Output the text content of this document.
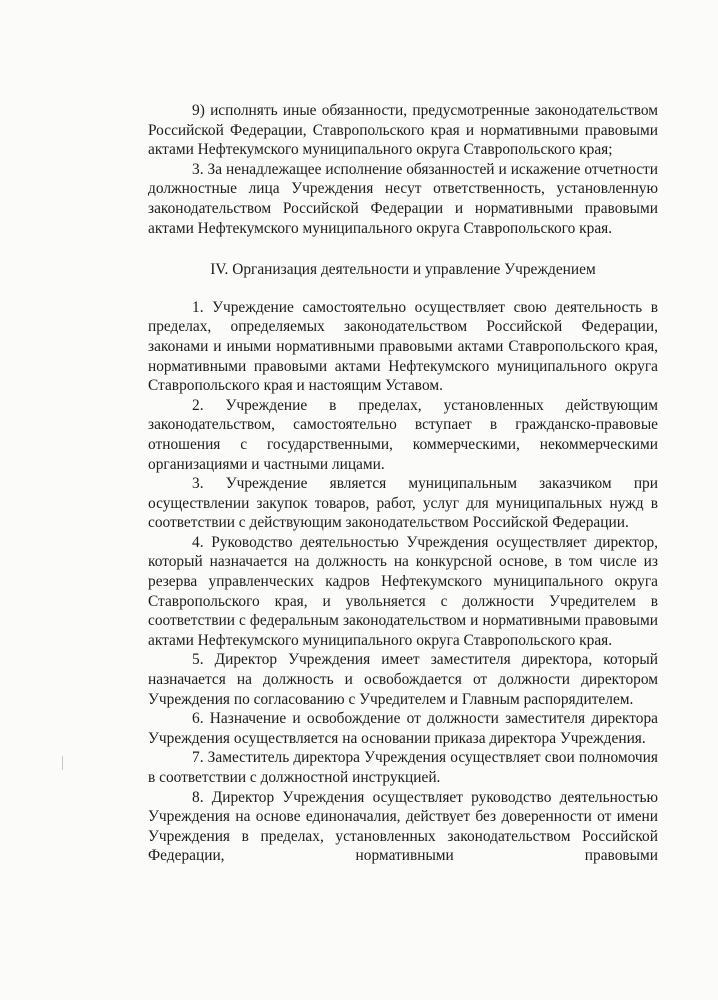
9) исполнять иные обязанности, предусмотренные законодательством Российской Федерации, Ставропольского края и нормативными правовыми актами Нефтекумского муниципального округа Ставропольского края;

3. За ненадлежащее исполнение обязанностей и искажение отчетности должностные лица Учреждения несут ответственность, установленную законодательством Российской Федерации и нормативными правовыми актами Нефтекумского муниципального округа Ставропольского края.

IV. Организация деятельности и управление Учреждением

1. Учреждение самостоятельно осуществляет свою деятельность в пределах, определяемых законодательством Российской Федерации, законами и иными нормативными правовыми актами Ставропольского края, нормативными правовыми актами Нефтекумского муниципального округа Ставропольского края и настоящим Уставом.

2. Учреждение в пределах, установленных действующим законодательством, самостоятельно вступает в гражданско-правовые отношения с государственными, коммерческими, некоммерческими организациями и частными лицами.

3. Учреждение является муниципальным заказчиком при осуществлении закупок товаров, работ, услуг для муниципальных нужд в соответствии с действующим законодательством Российской Федерации.

4. Руководство деятельностью Учреждения осуществляет директор, который назначается на должность на конкурсной основе, в том числе из резерва управленческих кадров Нефтекумского муниципального округа Ставропольского края, и увольняется с должности Учредителем в соответствии с федеральным законодательством и нормативными правовыми актами Нефтекумского муниципального округа Ставропольского края.

5. Директор Учреждения имеет заместителя директора, который назначается на должность и освобождается от должности директором Учреждения по согласованию с Учредителем и Главным распорядителем.

6. Назначение и освобождение от должности заместителя директора Учреждения осуществляется на основании приказа директора Учреждения.

7. Заместитель директора Учреждения осуществляет свои полномочия в соответствии с должностной инструкцией.

8. Директор Учреждения осуществляет руководство деятельностью Учреждения на основе единоначалия, действует без доверенности от имени Учреждения в пределах, установленных законодательством Российской Федерации, нормативными правовыми
